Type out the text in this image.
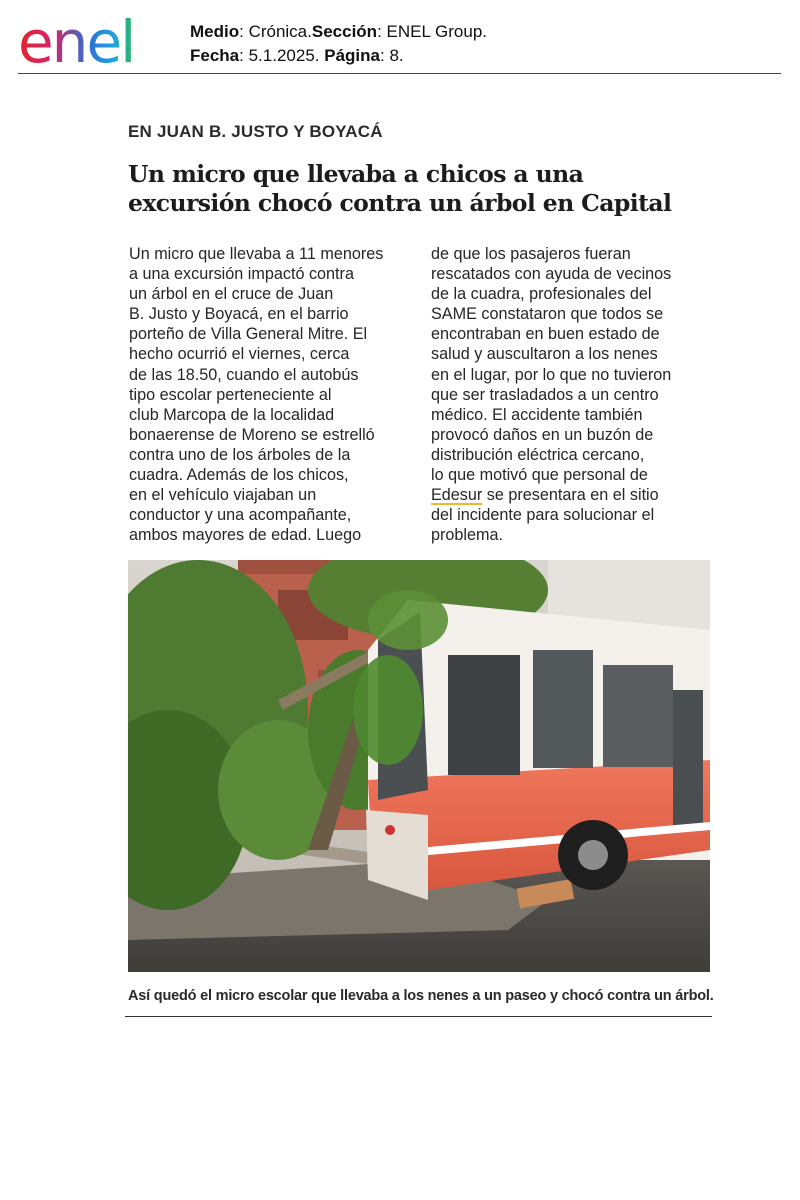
enel	Medio: Crónica.Sección: ENEL Group.
Fecha: 5.1.2025. Página: 8.
EN JUAN B. JUSTO Y BOYACÁ
Un micro que llevaba a chicos a una
excursión chocó contra un árbol en Capital
Un micro que llevaba a 11 menores
a una excursión impactó contra
un árbol en el cruce de Juan
B. Justo y Boyacá, en el barrio
porteño de Villa General Mitre. El
hecho ocurrió el viernes, cerca
de las 18.50, cuando el autobús
tipo escolar perteneciente al
club Marcopa de la localidad
bonaerense de Moreno se estrelló
contra uno de los árboles de la
cuadra. Además de los chicos,
en el vehículo viajaban un
conductor y una acompañante,
ambos mayores de edad. Luego
de que los pasajeros fueran
rescatados con ayuda de vecinos
de la cuadra, profesionales del
SAME constataron que todos se
encontraban en buen estado de
salud y auscultaron a los nenes
en el lugar, por lo que no tuvieron
que ser trasladados a un centro
médico. El accidente también
provocó daños en un buzón de
distribución eléctrica cercano,
lo que motivó que personal de
Edesur se presentara en el sitio
del incidente para solucionar el
problema.
Así quedó el micro escolar que llevaba a los nenes a un paseo y chocó contra un árbol.
